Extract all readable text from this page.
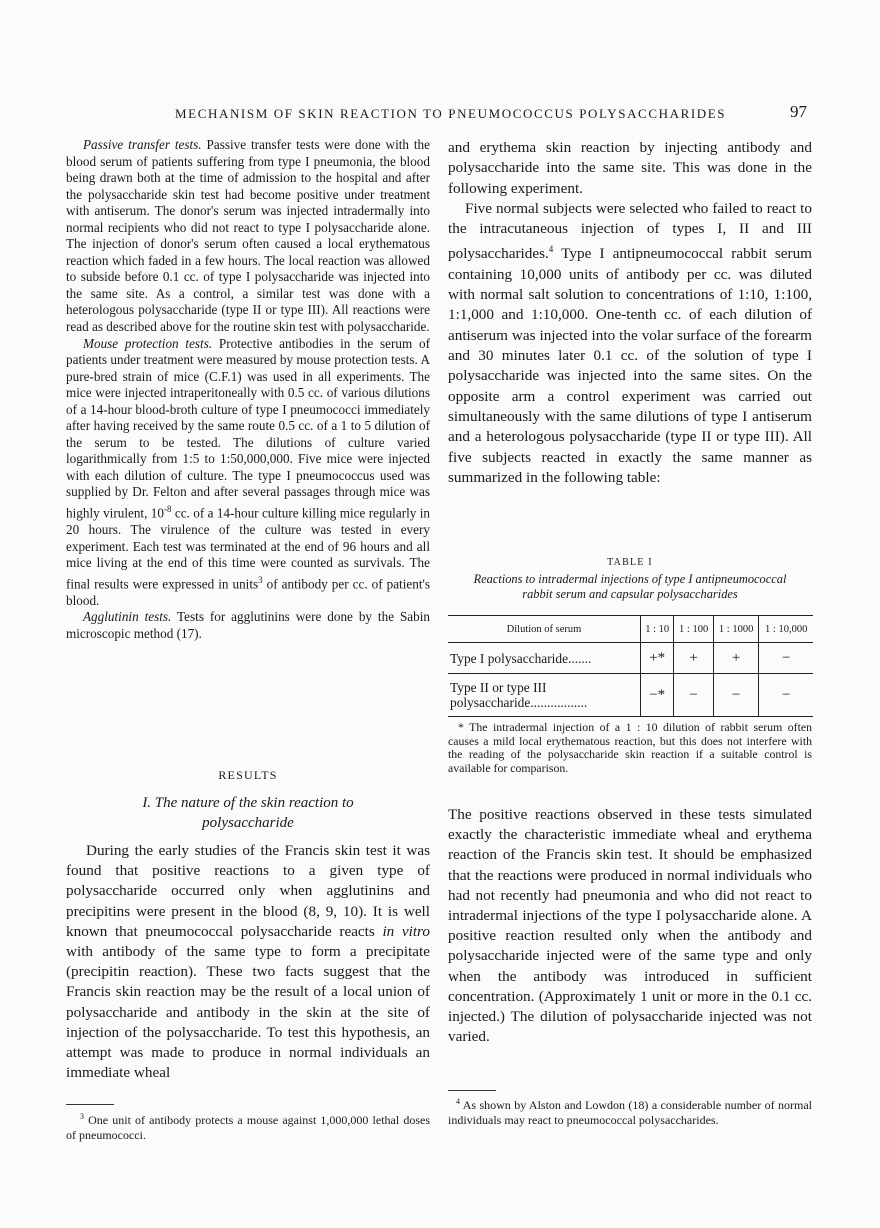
MECHANISM OF SKIN REACTION TO PNEUMOCOCCUS POLYSACCHARIDES	97

Passive transfer tests. Passive transfer tests were done with the blood serum of patients suffering from type I pneumonia, the blood being drawn both at the time of admission to the hospital and after the polysaccharide skin test had become positive under treatment with antiserum. The donor's serum was injected intradermally into normal recipients who did not react to type I polysaccharide alone. The injection of donor's serum often caused a local erythematous reaction which faded in a few hours. The local reaction was allowed to subside before 0.1 cc. of type I polysaccharide was injected into the same site. As a control, a similar test was done with a heterologous polysaccharide (type II or type III). All reactions were read as described above for the routine skin test with polysaccharide.

Mouse protection tests. Protective antibodies in the serum of patients under treatment were measured by mouse protection tests. A pure-bred strain of mice (C.F.1) was used in all experiments. The mice were injected intraperitoneally with 0.5 cc. of various dilutions of a 14-hour blood-broth culture of type I pneumococci immediately after having received by the same route 0.5 cc. of a 1 to 5 dilution of the serum to be tested. The dilutions of culture varied logarithmically from 1:5 to 1:50,000,000. Five mice were injected with each dilution of culture. The type I pneumococcus used was supplied by Dr. Felton and after several passages through mice was highly virulent, $10^{-8}$ cc. of a 14-hour culture killing mice regularly in 20 hours. The virulence of the culture was tested in every experiment. Each test was terminated at the end of 96 hours and all mice living at the end of this time were counted as survivals. The final results were expressed in units$^3$ of antibody per cc. of patient's blood.

Agglutinin tests. Tests for agglutinins were done by the Sabin microscopic method (17).

RESULTS
I. The nature of the skin reaction to
polysaccharide

During the early studies of the Francis skin test it was found that positive reactions to a given type of polysaccharide occurred only when agglutinins and precipitins were present in the blood (8, 9, 10). It is well known that pneumococcal polysaccharide reacts in vitro with antibody of the same type to form a precipitate (precipitin reaction). These two facts suggest that the Francis skin reaction may be the result of a local union of polysaccharide and antibody in the skin at the site of injection of the polysaccharide. To test this hypothesis, an attempt was made to produce in normal individuals an immediate wheal

$^3$ One unit of antibody protects a mouse against 1,000,000 lethal doses of pneumococci.

and erythema skin reaction by injecting antibody and polysaccharide into the same site. This was done in the following experiment.

Five normal subjects were selected who failed to react to the intracutaneous injection of types I, II and III polysaccharides.$^4$ Type I antipneumococcal rabbit serum containing 10,000 units of antibody per cc. was diluted with normal salt solution to concentrations of 1:10, 1:100, 1:1,000 and 1:10,000. One-tenth cc. of each dilution of antiserum was injected into the volar surface of the forearm and 30 minutes later 0.1 cc. of the solution of type I polysaccharide was injected into the same sites. On the opposite arm a control experiment was carried out simultaneously with the same dilutions of type I antiserum and a heterologous polysaccharide (type II or type III). All five subjects reacted in exactly the same manner as summarized in the following table:

TABLE I
Reactions to intradermal injections of type I antipneumococcal
rabbit serum and capsular polysaccharides
Dilution of serum	1 : 10	1 : 100	1 : 1000	1 : 10,000
Type I polysaccharide.......	+*	+	+	−
Type II or type III polysaccharide.................	−*	−	−	−

* The intradermal injection of a 1 : 10 dilution of rabbit serum often causes a mild local erythematous reaction, but this does not interfere with the reading of the polysaccharide skin reaction if a suitable control is available for comparison.

The positive reactions observed in these tests simulated exactly the characteristic immediate wheal and erythema reaction of the Francis skin test. It should be emphasized that the reactions were produced in normal individuals who had not recently had pneumonia and who did not react to intradermal injections of the type I polysaccharide alone. A positive reaction resulted only when the antibody and polysaccharide injected were of the same type and only when the antibody was introduced in sufficient concentration. (Approximately 1 unit or more in the 0.1 cc. injected.) The dilution of polysaccharide injected was not varied.

$^4$ As shown by Alston and Lowdon (18) a considerable number of normal individuals may react to pneumococcal polysaccharides.
